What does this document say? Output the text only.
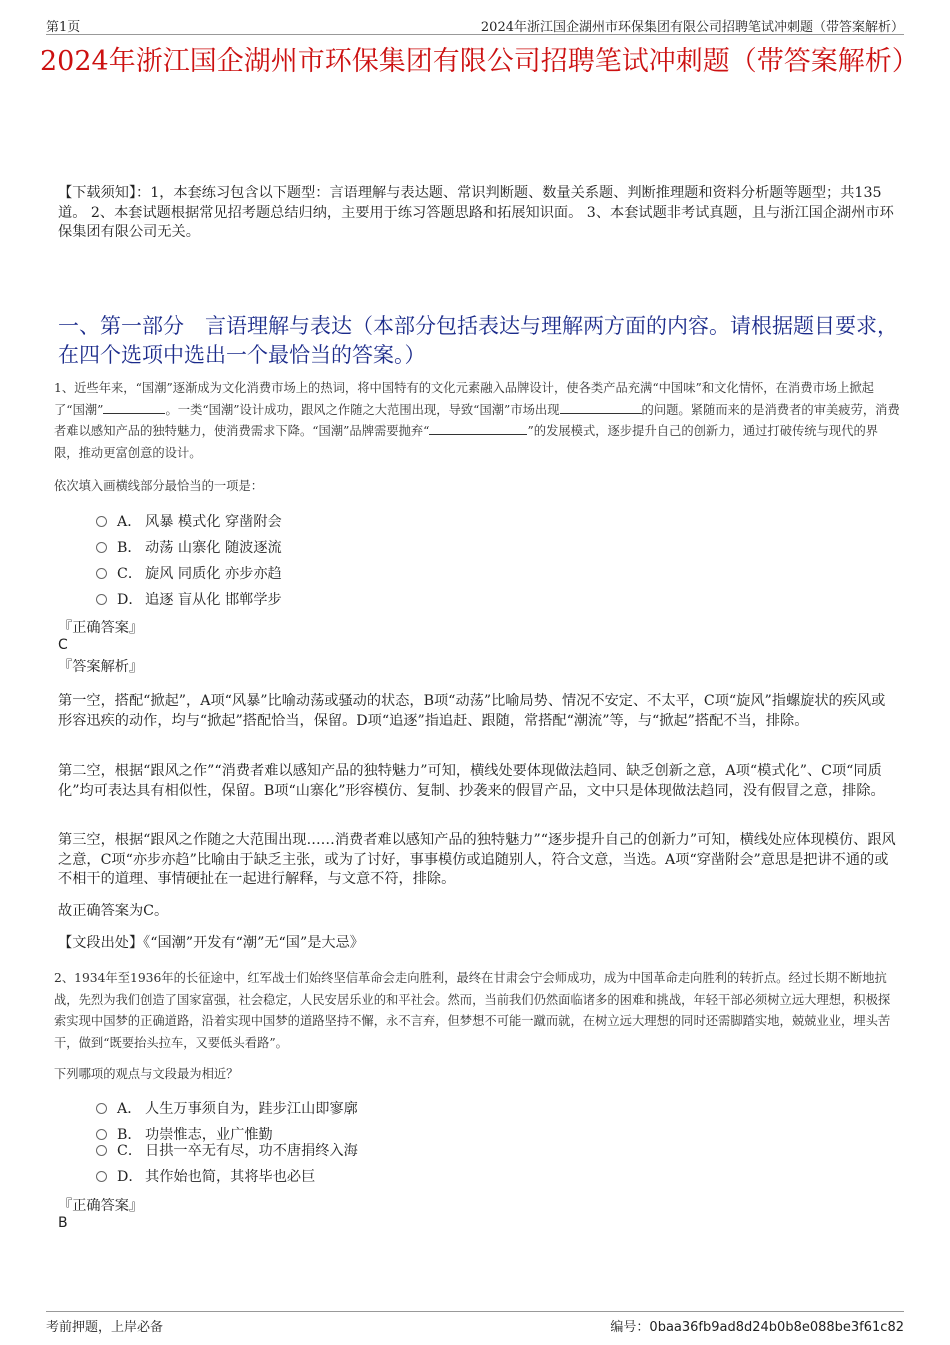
第1页	2024年浙江国企湖州市环保集团有限公司招聘笔试冲刺题（带答案解析）
2024年浙江国企湖州市环保集团有限公司招聘笔试冲刺题（带答案解析）
【下载须知】：1，本套练习包含以下题型：言语理解与表达题、常识判断题、数量关系题、判断推理题和资料分析题等题型；共135道。 2、本套试题根据常见招考题总结归纳，主要用于练习答题思路和拓展知识面。 3、本套试题非考试真题，且与浙江国企湖州市环保集团有限公司无关。
一、第一部分　言语理解与表达（本部分包括表达与理解两方面的内容。请根据题目要求，在四个选项中选出一个最恰当的答案。）
1、近些年来，“国潮”逐渐成为文化消费市场上的热词，将中国特有的文化元素融入品牌设计，使各类产品充满“中国味”和文化情怀，在消费市场上掀起了“国潮”	。一类“国潮”设计成功，跟风之作随之大范围出现，导致“国潮”市场出现	的问题。紧随而来的是消费者的审美疲劳，消费者难以感知产品的独特魅力，使消费需求下降。“国潮”品牌需要抛弃“	”的发展模式，逐步提升自己的创新力，通过打破传统与现代的界限，推动更富创意的设计。
依次填入画横线部分最恰当的一项是：
A． 风暴 模式化 穿凿附会
B． 动荡 山寨化 随波逐流
C． 旋风 同质化 亦步亦趋
D． 追逐 盲从化 邯郸学步
『正确答案』
C
『答案解析』
第一空，搭配“掀起”，A项“风暴”比喻动荡或骚动的状态，B项“动荡”比喻局势、情况不安定、不太平，C项“旋风”指螺旋状的疾风或形容迅疾的动作，均与“掀起”搭配恰当，保留。D项“追逐”指追赶、跟随，常搭配“潮流”等，与“掀起”搭配不当，排除。
第二空，根据“跟风之作”“消费者难以感知产品的独特魅力”可知，横线处要体现做法趋同、缺乏创新之意，A项“模式化”、C项“同质化”均可表达具有相似性，保留。B项“山寨化”形容模仿、复制、抄袭来的假冒产品，文中只是体现做法趋同，没有假冒之意，排除。
第三空，根据“跟风之作随之大范围出现……消费者难以感知产品的独特魅力”“逐步提升自己的创新力”可知，横线处应体现模仿、跟风之意，C项“亦步亦趋”比喻由于缺乏主张，或为了讨好，事事模仿或追随别人，符合文意，当选。A项“穿凿附会”意思是把讲不通的或不相干的道理、事情硬扯在一起进行解释，与文意不符，排除。
故正确答案为C。
【文段出处】《“国潮”开发有“潮”无“国”是大忌》
2、1934年至1936年的长征途中，红军战士们始终坚信革命会走向胜利，最终在甘肃会宁会师成功，成为中国革命走向胜利的转折点。经过长期不断地抗战，先烈为我们创造了国家富强，社会稳定，人民安居乐业的和平社会。然而，当前我们仍然面临诸多的困难和挑战，年轻干部必须树立远大理想，积极探索实现中国梦的正确道路，沿着实现中国梦的道路坚持不懈，永不言弃，但梦想不可能一蹴而就，在树立远大理想的同时还需脚踏实地，兢兢业业，埋头苦干，做到“既要抬头拉车，又要低头看路”。
下列哪项的观点与文段最为相近？
A． 人生万事须自为，跬步江山即寥廓
B． 功崇惟志，业广惟勤
C． 日拱一卒无有尽，功不唐捐终入海
D． 其作始也简，其将毕也必巨
『正确答案』
B
考前押题，上岸必备	编号：0baa36fb9ad8d24b0b8e088be3f61c82
